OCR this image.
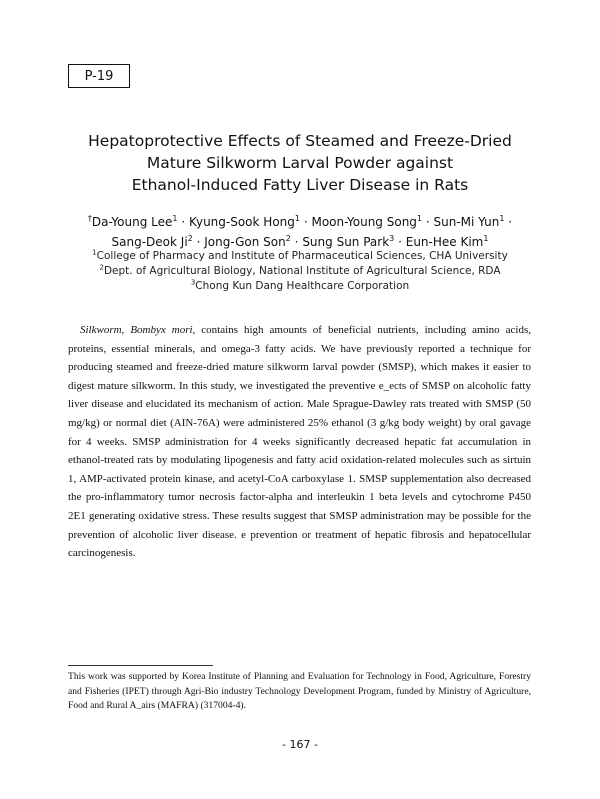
P-19
Hepatoprotective Effects of Steamed and Freeze-Dried
Mature Silkworm Larval Powder against
Ethanol-Induced Fatty Liver Disease in Rats
†Da-Young Lee$^1$ · Kyung-Sook Hong$^1$ · Moon-Young Song$^1$ · Sun-Mi Yun$^1$ ·
Sang-Deok $Ji^2$ · Jong-Gon Son$^2$ · Sung Sun Park$^3$ · Eun-Hee Kim$^1$
$^1$College of Pharmacy and Institute of Pharmaceutical Sciences, CHA University
$^2$Dept. of Agricultural Biology, National Institute of Agricultural Science, RDA
$^3$Chong Kun Dang Healthcare Corporation

Silkworm, Bombyx mori, contains high amounts of beneficial nutrients, including amino acids, proteins, essential minerals, and omega-3 fatty acids. We have previously reported a technique for producing steamed and freeze-dried mature silkworm larval powder (SMSP), which makes it easier to digest mature silkworm. In this study, we investigated the preventive e_ects of SMSP on alcoholic fatty liver disease and elucidated its mechanism of action. Male Sprague-Dawley rats treated with SMSP (50 mg/kg) or normal diet (AIN-76A) were administered 25% ethanol (3 g/kg body weight) by oral gavage for 4 weeks. SMSP administration for 4 weeks significantly decreased hepatic fat accumulation in ethanol-treated rats by modulating lipogenesis and fatty acid oxidation-related molecules such as sirtuin 1, AMP-activated protein kinase, and acetyl-CoA carboxylase 1. SMSP supplementation also decreased the pro-inflammatory tumor necrosis factor-alpha and interleukin 1 beta levels and cytochrome P450 2E1 generating oxidative stress. These results suggest that SMSP administration may be possible for the prevention of alcoholic liver disease. e prevention or treatment of hepatic fibrosis and hepatocellular carcinogenesis.

This work was supported by Korea Institute of Planning and Evaluation for Technology in Food, Agriculture, Forestry and Fisheries (IPET) through Agri-Bio industry Technology Development Program, funded by Ministry of Agriculture, Food and Rural A_airs (MAFRA) (317004-4).

- 167 -
